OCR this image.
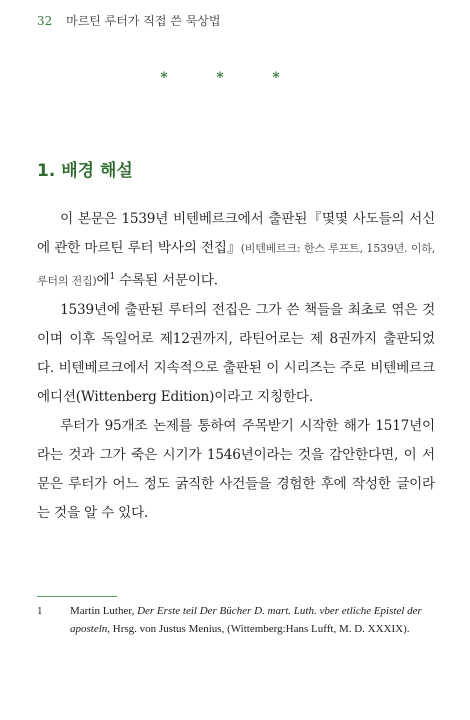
32 마르틴 루터가 직접 쓴 묵상법
*	*	*
1. 배경 해설

이 본문은 1539년 비텐베르크에서 출판된『몇몇 사도들의 서신에 관한 마르틴 루터 박사의 전집』(비텐베르크: 한스 루프트, 1539년. 이하, 루터의 전집)에$^1$ 수록된 서문이다.

1539년에 출판된 루터의 전집은 그가 쓴 책들을 최초로 엮은 것이며 이후 독일어로 제12권까지, 라틴어로는 제 8권까지 출판되었다. 비텐베르크에서 지속적으로 출판된 이 시리즈는 주로 비텐베르크 에디션(Wittenberg Edition)이라고 지칭한다.

루터가 95개조 논제를 통하여 주목받기 시작한 해가 1517년이라는 것과 그가 죽은 시기가 1546년이라는 것을 감안한다면, 이 서문은 루터가 어느 정도 굵직한 사건들을 경험한 후에 작성한 글이라는 것을 알 수 있다.

1	Martin Luther, Der Erste teil Der Bücher D. mart. Luth. vber etliche Epistel der aposteln, Hrsg. von Justus Menius, (Wittemberg:Hans Lufft, M. D. XXXIX).
